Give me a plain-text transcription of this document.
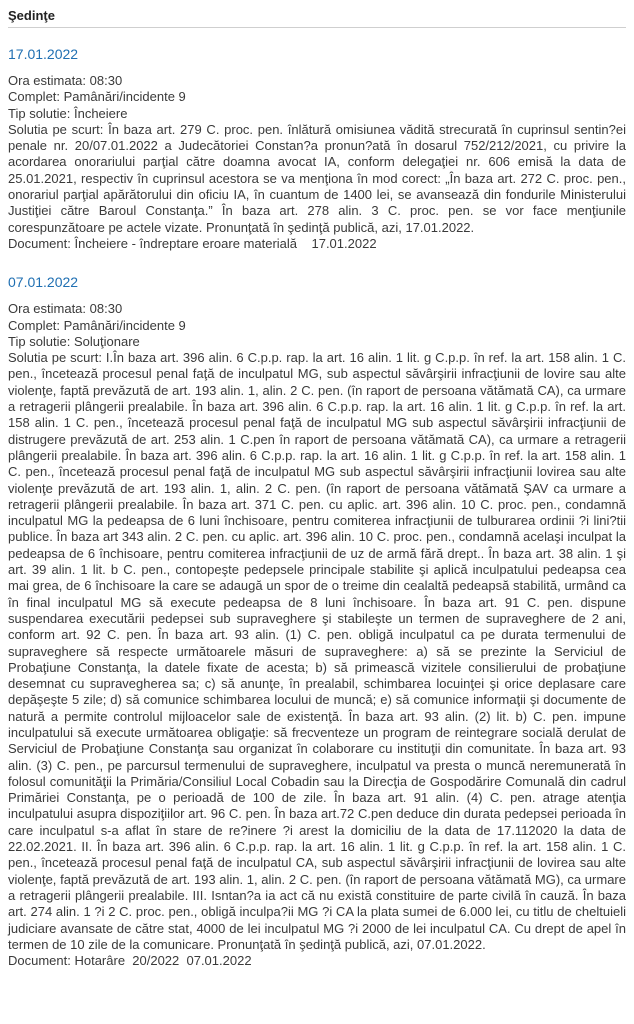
Şedinţe
17.01.2022
Ora estimata: 08:30
Complet: Pamânări/incidente 9
Tip solutie: Încheiere
Solutia pe scurt: În baza art. 279 C. proc. pen. înlătură omisiunea vădită strecurată în cuprinsul sentin?ei penale nr. 20/07.01.2022 a Judecătoriei Constan?a pronun?ată în dosarul 752/212/2021, cu privire la acordarea onorariului parţial către doamna avocat IA, conform delegaţiei nr. 606 emisă la data de 25.01.2021, respectiv în cuprinsul acestora se va menţiona în mod corect: „În baza art. 272 C. proc. pen., onorariul parţial apărătorului din oficiu IA, în cuantum de 1400 lei, se avansează din fondurile Ministerului Justiţiei către Baroul Constanţa.” În baza art. 278 alin. 3 C. proc. pen. se vor face menţiunile corespunzătoare pe actele vizate. Pronunţată în şedinţă publică, azi, 17.01.2022.
Document: Încheiere - îndreptare eroare materială    17.01.2022
07.01.2022
Ora estimata: 08:30
Complet: Pamânări/incidente 9
Tip solutie: Soluţionare
Solutia pe scurt: I.În baza art. 396 alin. 6 C.p.p. rap. la art. 16 alin. 1 lit. g C.p.p. în ref. la art. 158 alin. 1 C. pen., încetează procesul penal faţă de inculpatul MG, sub aspectul săvârşirii infracţiunii de lovire sau alte violenţe, faptă prevăzută de art. 193 alin. 1, alin. 2 C. pen. (în raport de persoana vătămată CA), ca urmare a retragerii plângerii prealabile. În baza art. 396 alin. 6 C.p.p. rap. la art. 16 alin. 1 lit. g C.p.p. în ref. la art. 158 alin. 1 C. pen., încetează procesul penal faţă de inculpatul MG sub aspectul săvârşirii infracţiunii de distrugere prevăzută de art. 253 alin. 1 C.pen în raport de persoana vătămată CA), ca urmare a retragerii plângerii prealabile. În baza art. 396 alin. 6 C.p.p. rap. la art. 16 alin. 1 lit. g C.p.p. în ref. la art. 158 alin. 1 C. pen., încetează procesul penal faţă de inculpatul MG sub aspectul săvârşirii infracţiunii lovirea sau alte violenţe prevăzută de art. 193 alin. 1, alin. 2 C. pen. (în raport de persoana vătămată ŞAV ca urmare a retragerii plângerii prealabile. În baza art. 371 C. pen. cu aplic. art. 396 alin. 10 C. proc. pen., condamnă inculpatul MG la pedeapsa de 6 luni închisoare, pentru comiterea infracţiunii de tulburarea ordinii ?i lini?tii publice. În baza art 343 alin. 2 C. pen. cu aplic. art. 396 alin. 10 C. proc. pen., condamnă acelaşi inculpat la pedeapsa de 6 închisoare, pentru comiterea infracţiunii de uz de armă fără drept.. În baza art. 38 alin. 1 şi art. 39 alin. 1 lit. b C. pen., contopeşte pedepsele principale stabilite şi aplică inculpatului pedeapsa cea mai grea, de 6 închisoare la care se adaugă un spor de o treime din cealaltă pedeapsă stabilită, urmând ca în final inculpatul MG să execute pedeapsa de 8 luni închisoare. În baza art. 91 C. pen. dispune suspendarea executării pedepsei sub supraveghere şi stabileşte un termen de supraveghere de 2 ani, conform art. 92 C. pen. În baza art. 93 alin. (1) C. pen. obligă inculpatul ca pe durata termenului de supraveghere să respecte următoarele măsuri de supraveghere: a) să se prezinte la Serviciul de Probaţiune Constanţa, la datele fixate de acesta; b) să primească vizitele consilierului de probaţiune desemnat cu supravegherea sa; c) să anunţe, în prealabil, schimbarea locuinţei şi orice deplasare care depăşeşte 5 zile; d) să comunice schimbarea locului de muncă; e) să comunice informaţii şi documente de natură a permite controlul mijloacelor sale de existenţă. În baza art. 93 alin. (2) lit. b) C. pen. impune inculpatului să execute următoarea obligaţie: să frecventeze un program de reintegrare socială derulat de Serviciul de Probaţiune Constanţa sau organizat în colaborare cu instituţii din comunitate. În baza art. 93 alin. (3) C. pen., pe parcursul termenului de supraveghere, inculpatul va presta o muncă neremunerată în folosul comunităţii la Primăria/Consiliul Local Cobadin sau la Direcţia de Gospodărire Comunală din cadrul Primăriei Constanţa, pe o perioadă de 100 de zile. În baza art. 91 alin. (4) C. pen. atrage atenţia inculpatului asupra dispoziţiilor art. 96 C. pen. În baza art.72 C.pen deduce din durata pedepsei perioada în care inculpatul s-a aflat în stare de re?inere ?i arest la domiciliu de la data de 17.112020 la data de 22.02.2021. II. În baza art. 396 alin. 6 C.p.p. rap. la art. 16 alin. 1 lit. g C.p.p. în ref. la art. 158 alin. 1 C. pen., încetează procesul penal faţă de inculpatul CA, sub aspectul săvârşirii infracţiunii de lovirea sau alte violenţe, faptă prevăzută de art. 193 alin. 1, alin. 2 C. pen. (în raport de persoana vătămată MG), ca urmare a retragerii plângerii prealabile. III. Isntan?a ia act că nu există constituire de parte civilă în cauză. În baza art. 274 alin. 1 ?i 2 C. proc. pen., obligă inculpa?ii MG ?i CA la plata sumei de 6.000 lei, cu titlu de cheltuieli judiciare avansate de către stat, 4000 de lei inculpatul MG ?i 2000 de lei inculpatul CA. Cu drept de apel în termen de 10 zile de la comunicare. Pronunţată în şedinţă publică, azi, 07.01.2022.
Document: Hotarâre  20/2022  07.01.2022
